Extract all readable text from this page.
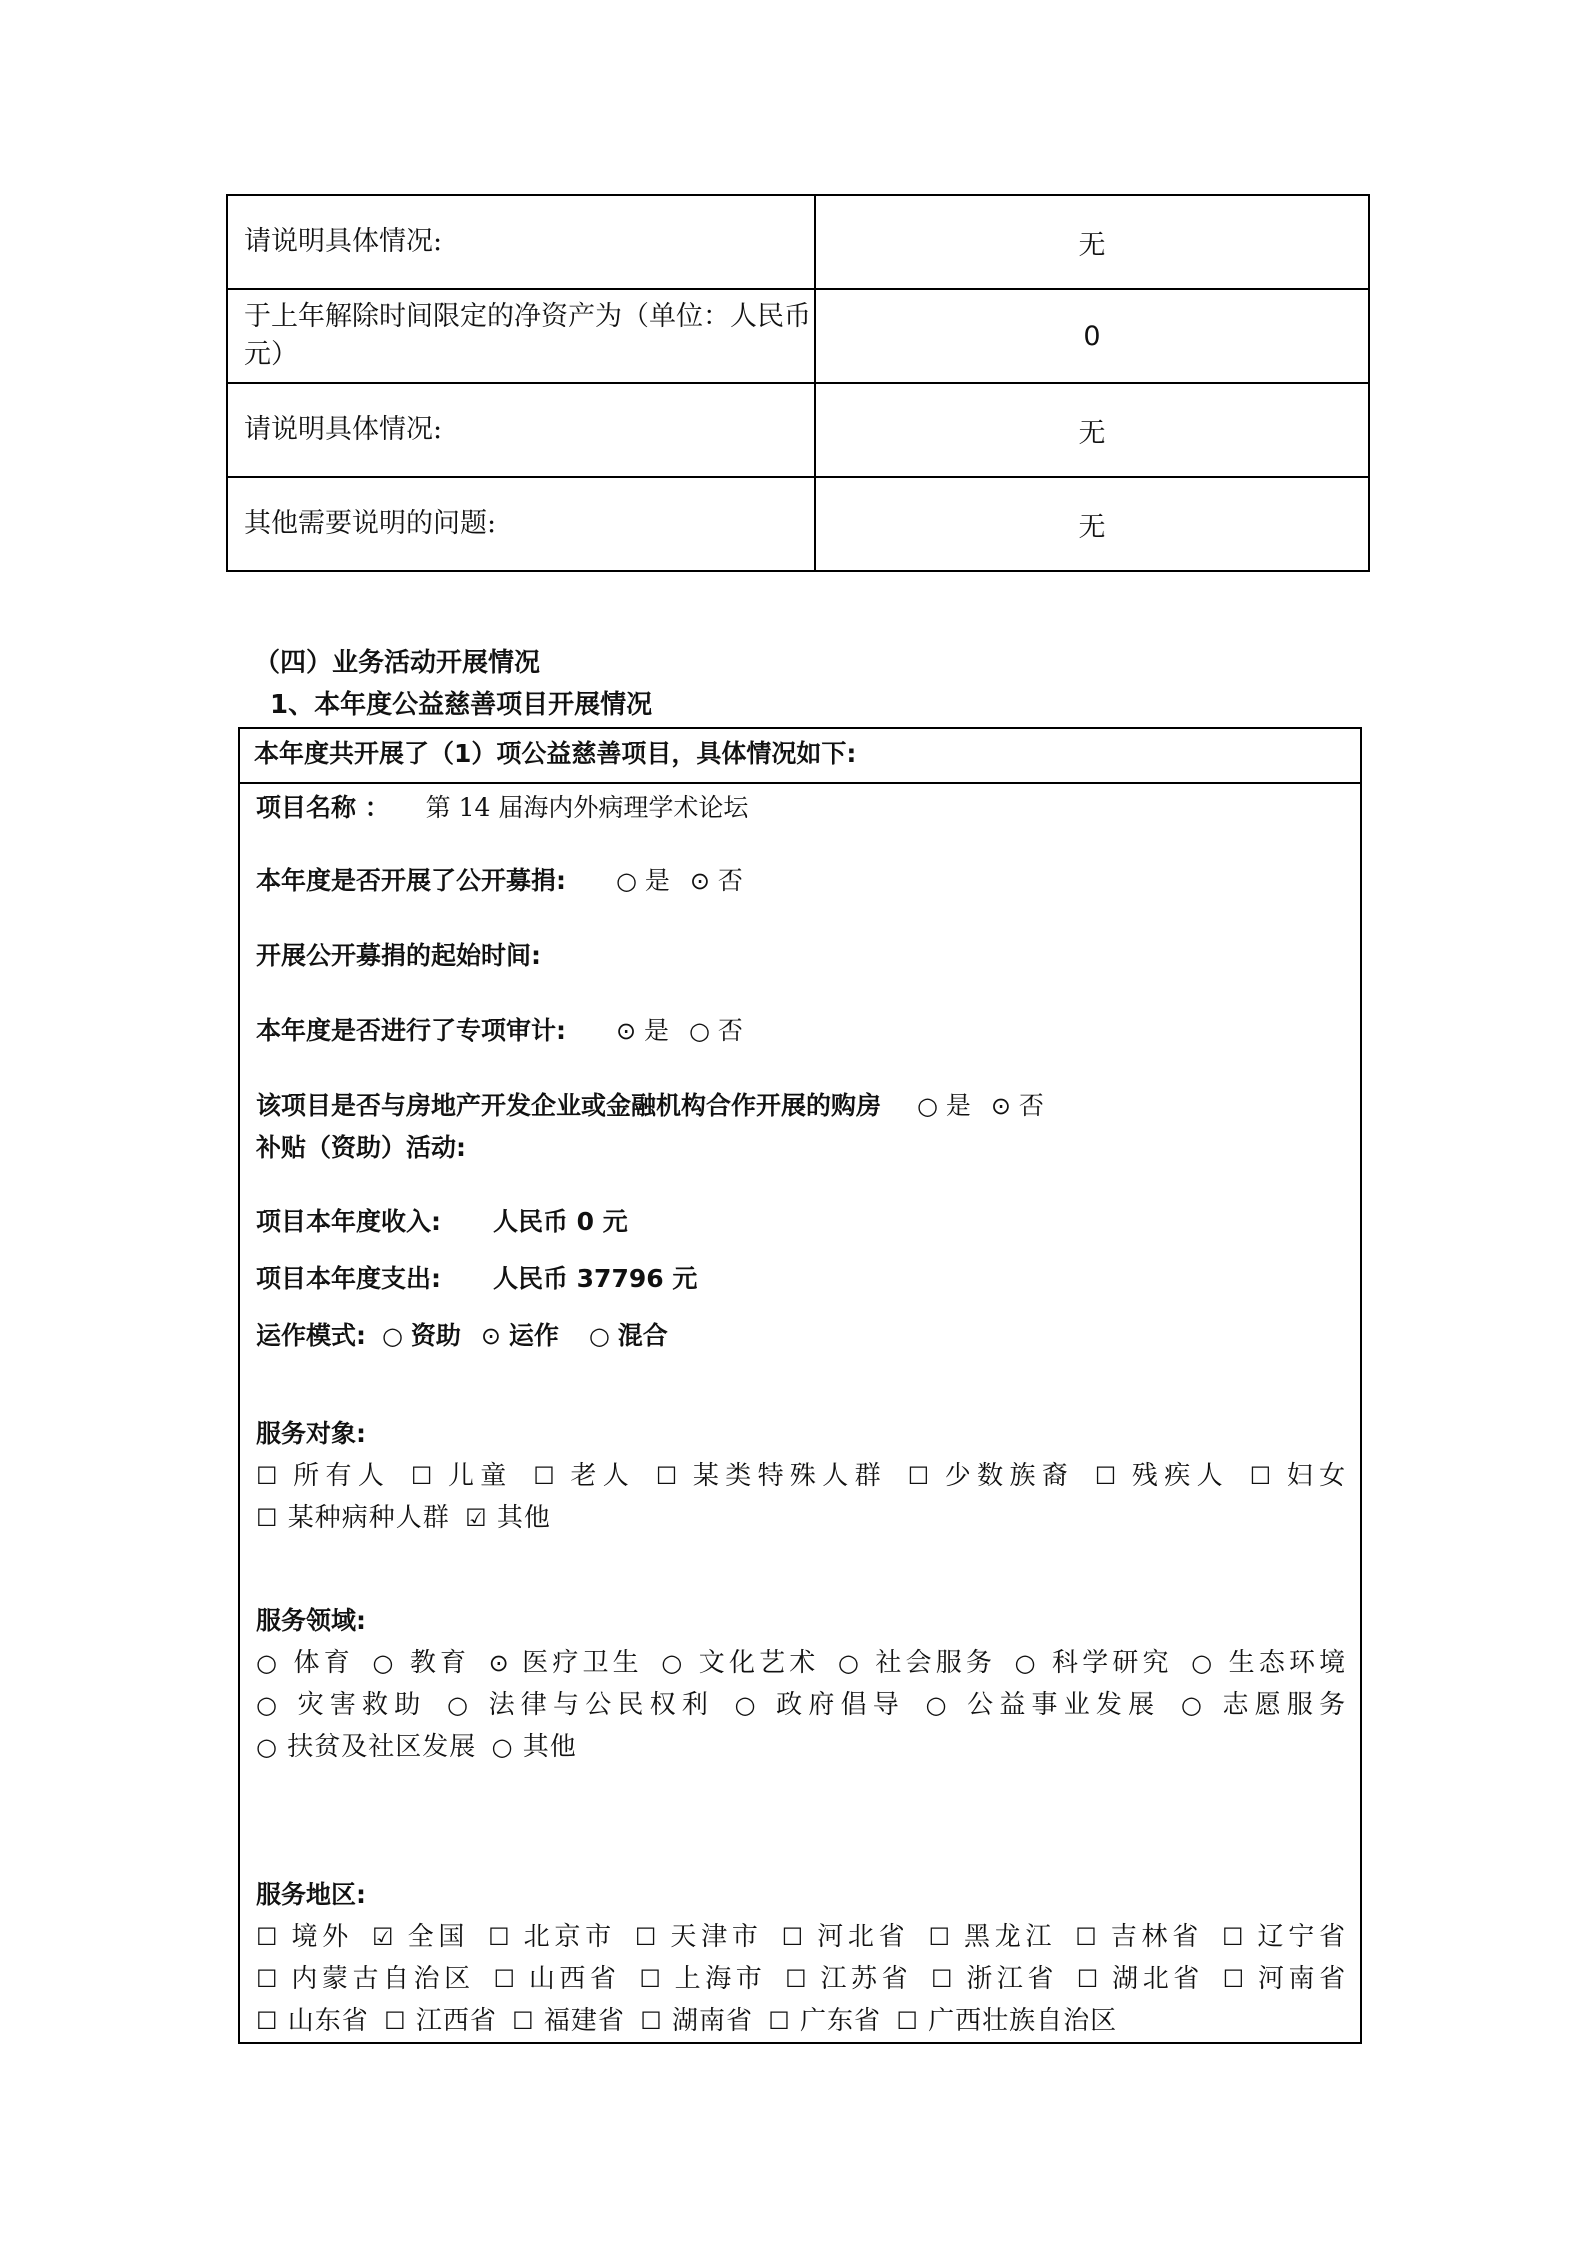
请说明具体情况:	无
于上年解除时间限定的净资产为（单位：人民币元）	0
请说明具体情况:	无
其他需要说明的问题:	无
（四）业务活动开展情况
1、本年度公益慈善项目开展情况
本年度共开展了（1）项公益慈善项目，具体情况如下:
项目名称 ： 第 14 届海内外病理学术论坛
本年度是否开展了公开募捐: ○ 是 ⊙ 否
开展公开募捐的起始时间:
本年度是否进行了专项审计: ⊙ 是 ○ 否
该项目是否与房地产开发企业或金融机构合作开展的购房 ○ 是 ⊙ 否
补贴（资助）活动:
项目本年度收入: 人民币 0 元
项目本年度支出: 人民币 37796 元
运作模式: ○ 资助 ⊙ 运作 ○ 混合
服务对象:
☐ 所有人 ☐ 儿童 ☐ 老人 ☐ 某类特殊人群 ☐ 少数族裔 ☐ 残疾人 ☐ 妇女 ☐ 某种病种人群 ☑ 其他
服务领域:
○ 体育 ○ 教育 ⊙ 医疗卫生 ○ 文化艺术 ○ 社会服务 ○ 科学研究 ○ 生态环境 ○ 灾害救助 ○ 法律与公民权利 ○ 政府倡导 ○ 公益事业发展 ○ 志愿服务 ○ 扶贫及社区发展 ○ 其他
服务地区:
☐ 境外 ☑ 全国 ☐ 北京市 ☐ 天津市 ☐ 河北省 ☐ 黑龙江 ☐ 吉林省 ☐ 辽宁省 ☐ 内蒙古自治区 ☐ 山西省 ☐ 上海市 ☐ 江苏省 ☐ 浙江省 ☐ 湖北省 ☐ 河南省 ☐ 山东省 ☐ 江西省 ☐ 福建省 ☐ 湖南省 ☐ 广东省 ☐ 广西壮族自治区
